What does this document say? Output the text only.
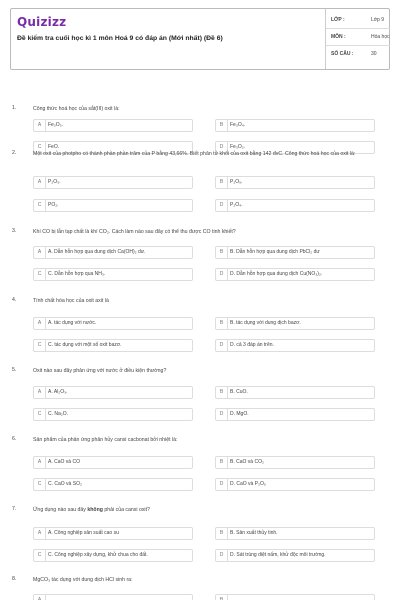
Quizizz
Đề kiểm tra cuối học kì 1 môn Hoá 9 có đáp án (Mới nhất) (Đề 6)
LỚP :	Lớp 9
MÔN :	Hóa học
SỐ CÂU :	30
1.	Công thức hoá học của sắt(III) oxit là:
A	Fe₂O₃.	B	Fe₃O₄.
C	FeO.	D	Fe₃O₂.
2.	Một oxit của photpho có thành phần phần trăm của P bằng 43,66%. Biết phân tử khối của oxit bằng 142 đvC. Công thức hoá học của oxit là:
A	P₂O₃.	B	P₂O₅.
C	PO₂.	D	P₂O₄.
3.	Khí CO bị lẫn tạp chất là khí CO₂. Cách làm nào sau đây có thể thu được CO tinh khiết?
A	A. Dẫn hỗn hợp qua dung dịch Ca(OH)₂ dư.	B	B. Dẫn hỗn hợp qua dung dịch PbCl₂ dư
C	C. Dẫn hỗn hợp qua NH₃.	D	D. Dẫn hỗn hợp qua dung dịch Cu(NO₃)₂.
4.	Tính chất hóa học của oxit axit là
A	A. tác dụng với nước.	B	B. tác dụng với dung dịch bazơ.
C	C. tác dụng với một số oxit bazơ.	D	D. cả 3 đáp án trên.
5.	Oxit nào sau đây phản ứng với nước ở điều kiện thường?
A	A. Al₂O₃.	B	B. CuO.
C	C. Na₂O.	D	D. MgO.
6.	Sản phẩm của phản ứng phân hủy canxi cacbonat bởi nhiệt là:
A	A. CaO và CO	B	B. CaO và CO₂
C	C. CaO và SO₂	D	D. CaO và P₂O₅
7.	Ứng dụng nào sau đây không phải của canxi oxit?
A	A. Công nghiệp sản suất cao su	B	B. Sản xuất thủy tinh.
C	C. Công nghiệp xây dựng, khử chua cho đất.	D	D. Sát trùng diệt nấm, khử độc môi trường.
8.	MgCO₃ tác dụng với dung dịch HCl sinh ra:
A	B
